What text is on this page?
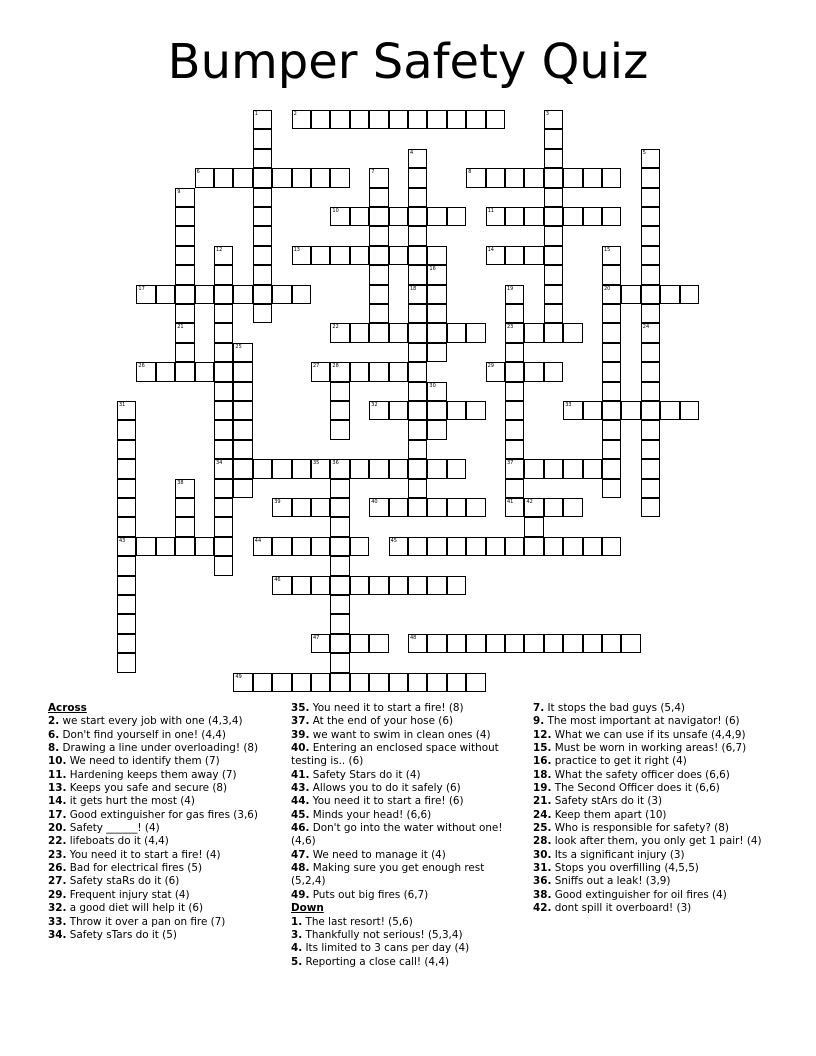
Bumper Safety Quiz
2
6	8
10	11
13	14
17	20
22	23
26	27	28	29
32	33
34	35	36	37
39	40	41	42
43	44	45
46
47	48
49
1	3
4
18
5
24
7
9
21
12	15
16
19
25
30
31
38
Across
2. we start every job with one (4,3,4)
6. Don't find yourself in one! (4,4)
8. Drawing a line under overloading! (8)
10. We need to identify them (7)
11. Hardening keeps them away (7)
13. Keeps you safe and secure (8)
14. it gets hurt the most (4)
17. Good extinguisher for gas fires (3,6)
20. Safety ______! (4)
22. lifeboats do it (4,4)
23. You need it to start a fire! (4)
26. Bad for electrical fires (5)
27. Safety staRs do it (6)
29. Frequent injury stat (4)
32. a good diet will help it (6)
33. Throw it over a pan on fire (7)
34. Safety sTars do it (5)
35. You need it to start a fire! (8)
37. At the end of your hose (6)
39. we want to swim in clean ones (4)
40. Entering an enclosed space without testing is.. (6)
41. Safety Stars do it (4)
43. Allows you to do it safely (6)
44. You need it to start a fire! (6)
45. Minds your head! (6,6)
46. Don't go into the water without one! (4,6)
47. We need to manage it (4)
48. Making sure you get enough rest (5,2,4)
49. Puts out big fires (6,7)
Down
1. The last resort! (5,6)
3. Thankfully not serious! (5,3,4)
4. Its limited to 3 cans per day (4)
5. Reporting a close call! (4,4)
7. It stops the bad guys (5,4)
9. The most important at navigator! (6)
12. What we can use if its unsafe (4,4,9)
15. Must be worn in working areas! (6,7)
16. practice to get it right (4)
18. What the safety officer does (6,6)
19. The Second Officer does it (6,6)
21. Safety stArs do it (3)
24. Keep them apart (10)
25. Who is responsible for safety? (8)
28. look after them, you only get 1 pair! (4)
30. Its a significant injury (3)
31. Stops you overfilling (4,5,5)
36. Sniffs out a leak! (3,9)
38. Good extinguisher for oil fires (4)
42. dont spill it overboard! (3)
